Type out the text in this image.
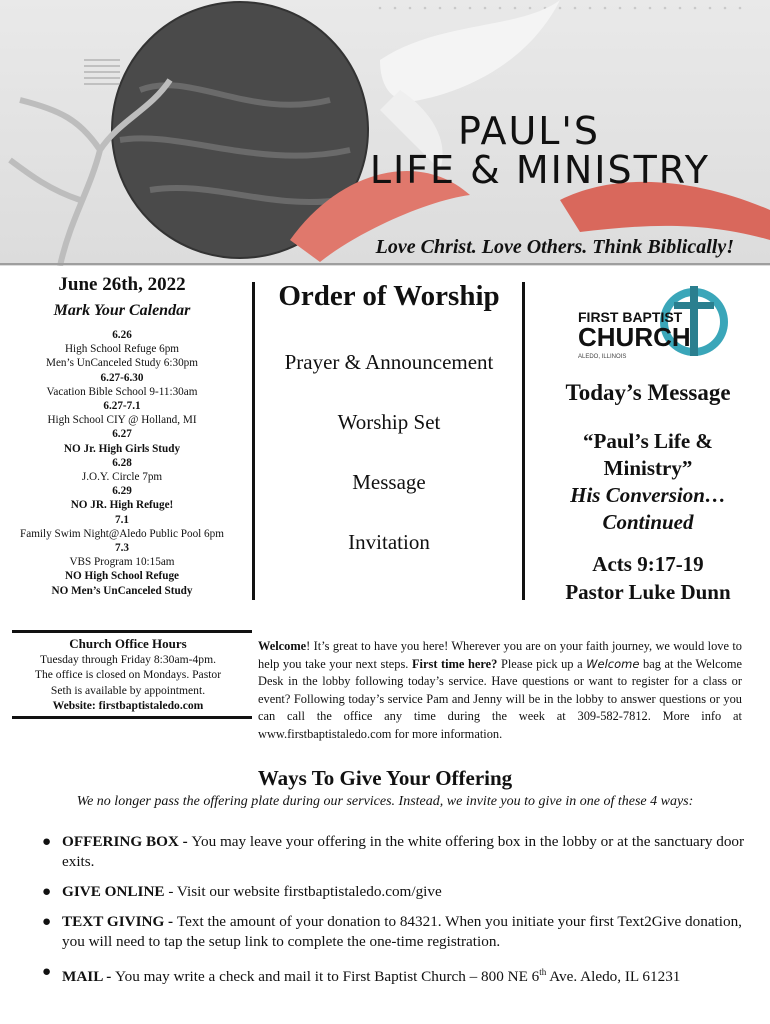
PAUL'S
LIFE & MINISTRY
Love Christ. Love Others. Think Biblically!
June 26th, 2022
Mark Your Calendar
6.26
High School Refuge 6pm
Men’s UnCanceled Study 6:30pm
6.27-6.30
Vacation Bible School 9-11:30am
6.27-7.1
High School CIY @ Holland, MI
6.27
NO Jr. High Girls Study
6.28
J.O.Y. Circle 7pm
6.29
NO JR. High Refuge!
7.1
Family Swim Night@Aledo Public Pool 6pm
7.3
VBS Program 10:15am
NO High School Refuge
NO Men’s UnCanceled Study
Order of Worship
Prayer & Announcement
Worship Set
Message
Invitation
FIRST BAPTIST
CHURCH
ALEDO, ILLINOIS
Today’s Message
“Paul’s Life &
Ministry”
His Conversion…
Continued
Acts 9:17-19
Pastor Luke Dunn
Church Office Hours
Tuesday through Friday 8:30am-4pm.
The office is closed on Mondays. Pastor
Seth is available by appointment.
Website: firstbaptistaledo.com
Welcome! It’s great to have you here! Wherever you are on your faith journey, we would love to help you take your next steps. First time here? Please pick up a Welcome bag at the Welcome Desk in the lobby following today’s service. Have questions or want to register for a class or event? Following today’s service Pam and Jenny will be in the lobby to answer questions or you can call the office any time during the week at 309-582-7812. More info at www.firstbaptistaledo.com for more information.
Ways To Give Your Offering
We no longer pass the offering plate during our services. Instead, we invite you to give in one of these 4 ways:
● OFFERING BOX - You may leave your offering in the white offering box in the lobby or at the sanctuary door exits.
● GIVE ONLINE - Visit our website firstbaptistaledo.com/give
● TEXT GIVING - Text the amount of your donation to 84321. When you initiate your first Text2Give donation, you will need to tap the setup link to complete the one-time registration.
● MAIL - You may write a check and mail it to First Baptist Church – 800 NE 6th Ave. Aledo, IL 61231
